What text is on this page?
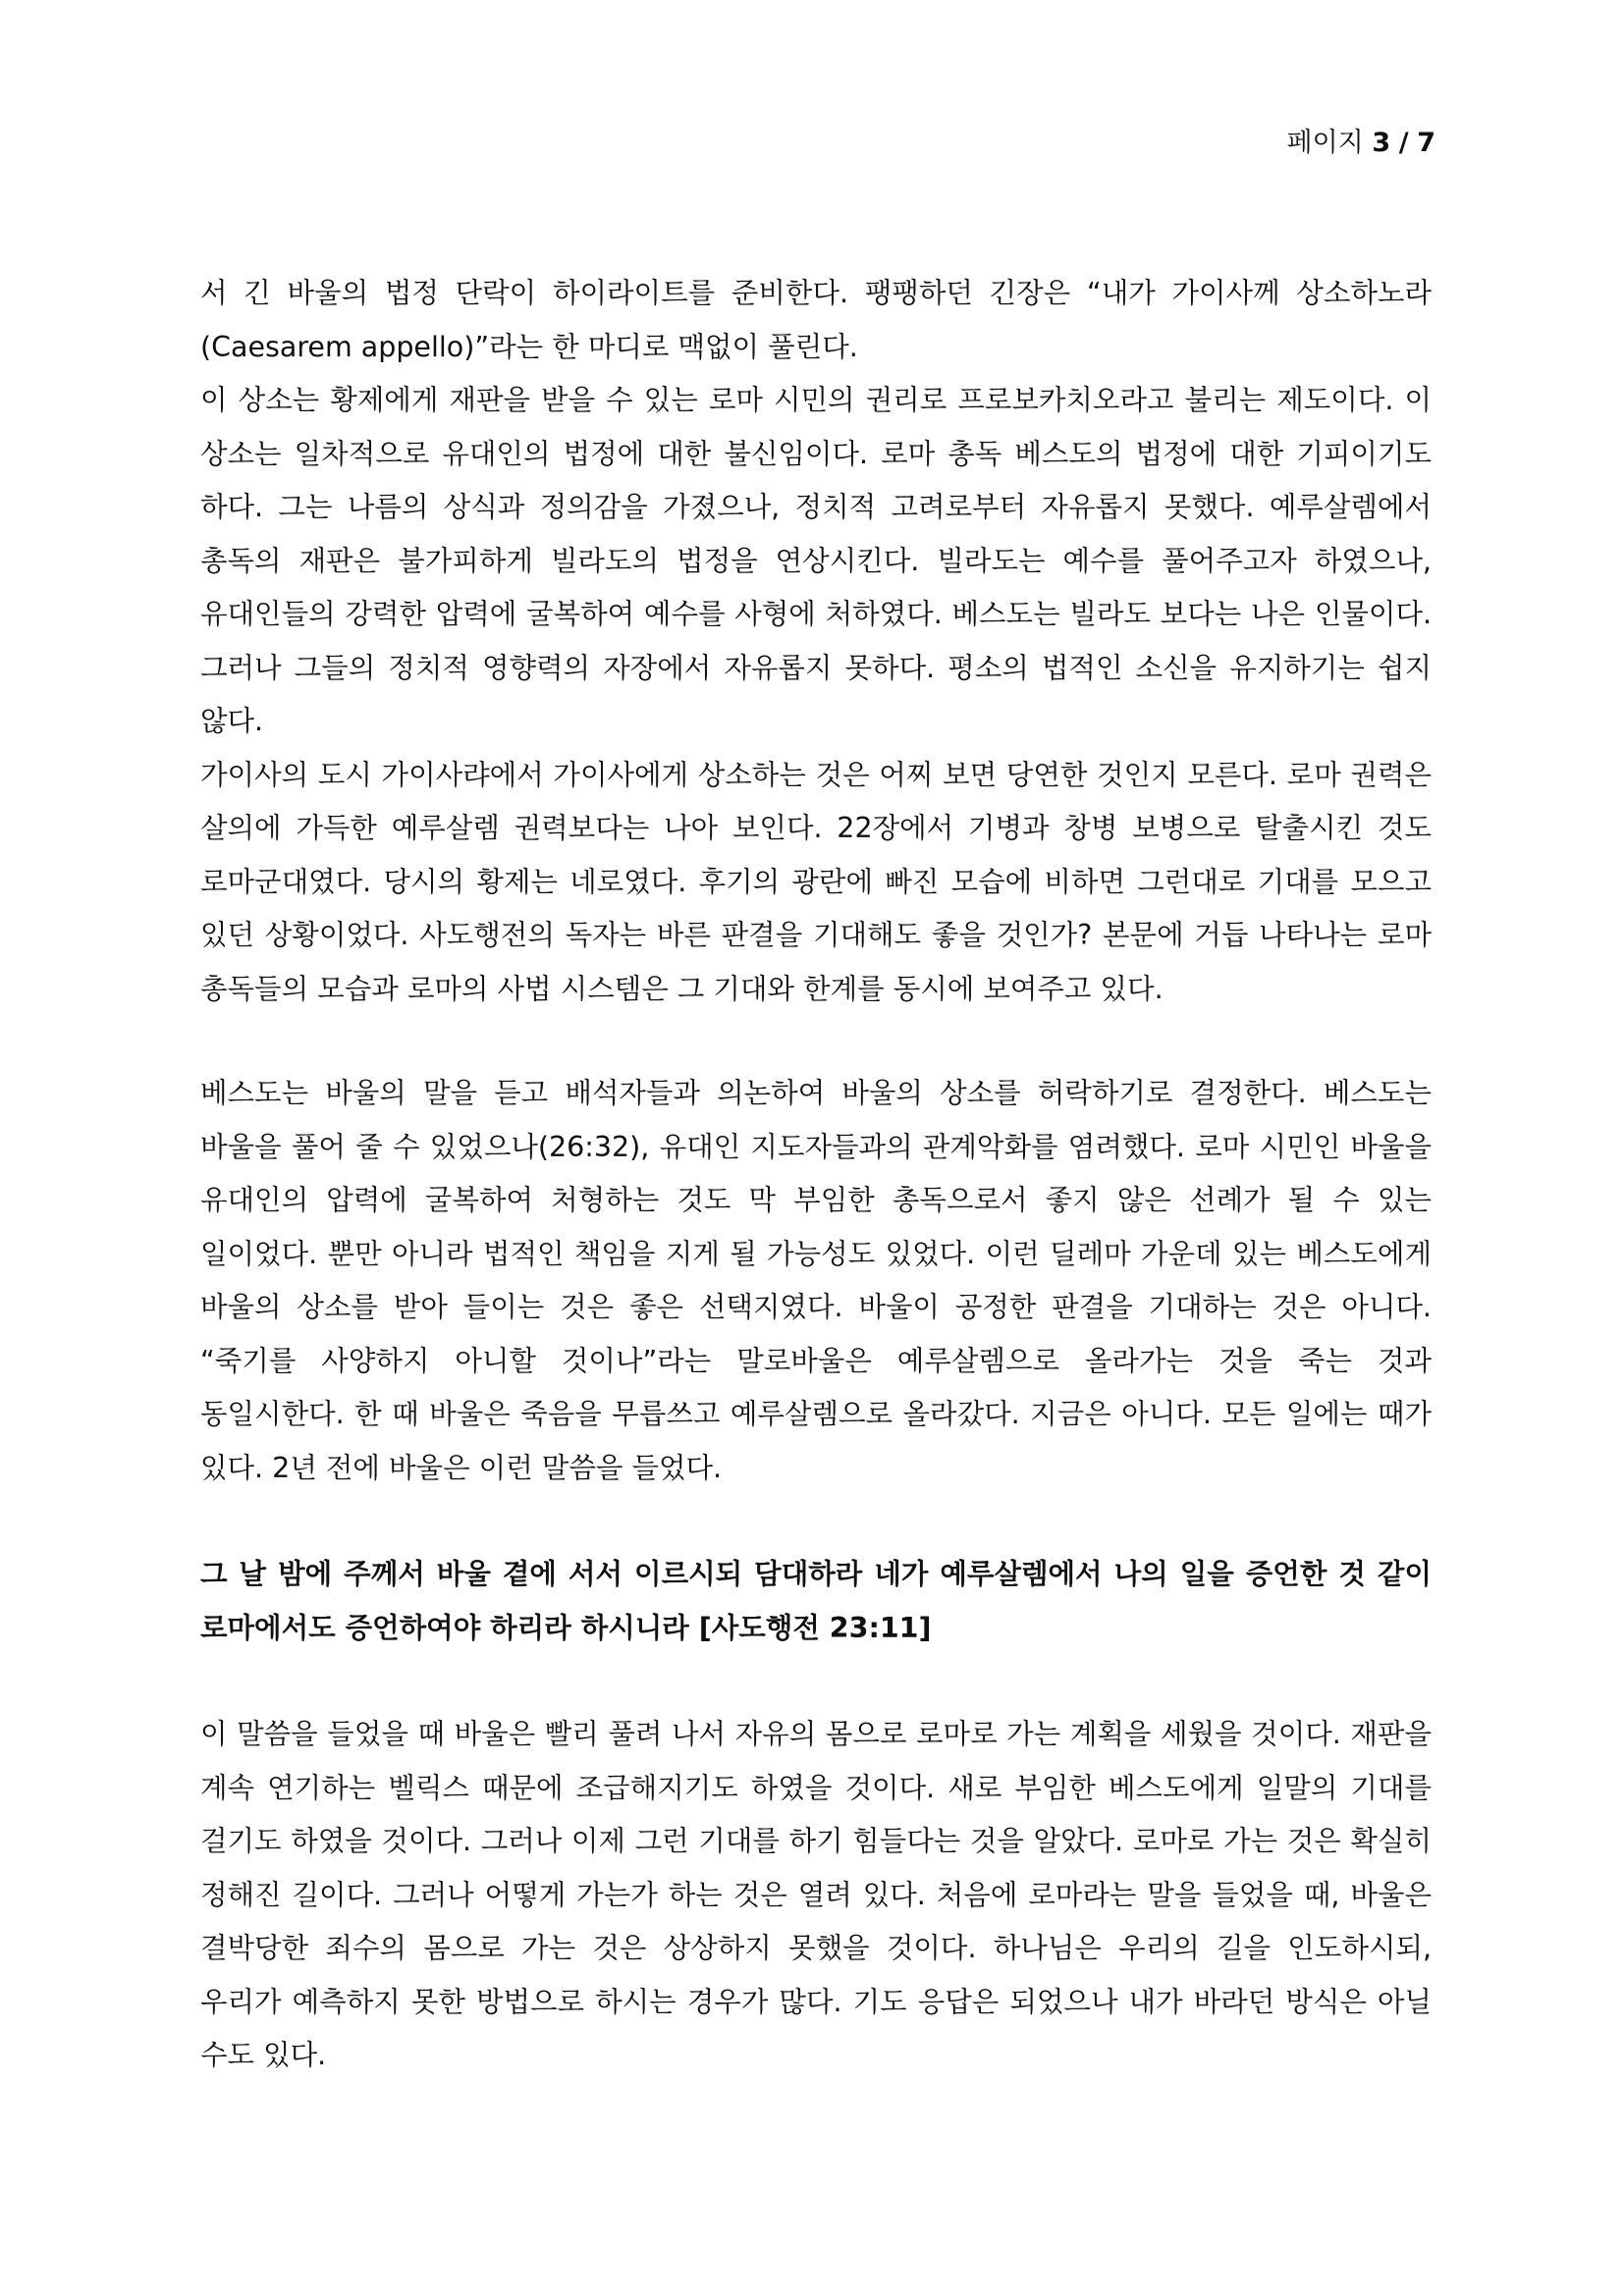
페이지 3 / 7

서 긴 바울의 법정 단락이 하이라이트를 준비한다. 팽팽하던 긴장은 “내가 가이사께 상소하노라(Caesarem appello)”라는 한 마디로 맥없이 풀린다.

이 상소는 황제에게 재판을 받을 수 있는 로마 시민의 권리로 프로보카치오라고 불리는 제도이다. 이 상소는 일차적으로 유대인의 법정에 대한 불신임이다. 로마 총독 베스도의 법정에 대한 기피이기도 하다. 그는 나름의 상식과 정의감을 가졌으나, 정치적 고려로부터 자유롭지 못했다. 예루살렘에서 총독의 재판은 불가피하게 빌라도의 법정을 연상시킨다. 빌라도는 예수를 풀어주고자 하였으나, 유대인들의 강력한 압력에 굴복하여 예수를 사형에 처하였다. 베스도는 빌라도 보다는 나은 인물이다. 그러나 그들의 정치적 영향력의 자장에서 자유롭지 못하다. 평소의 법적인 소신을 유지하기는 쉽지 않다.

가이사의 도시 가이사랴에서 가이사에게 상소하는 것은 어찌 보면 당연한 것인지 모른다. 로마 권력은 살의에 가득한 예루살렘 권력보다는 나아 보인다. 22장에서 기병과 창병 보병으로 탈출시킨 것도 로마군대였다. 당시의 황제는 네로였다. 후기의 광란에 빠진 모습에 비하면 그런대로 기대를 모으고 있던 상황이었다. 사도행전의 독자는 바른 판결을 기대해도 좋을 것인가? 본문에 거듭 나타나는 로마 총독들의 모습과 로마의 사법 시스템은 그 기대와 한계를 동시에 보여주고 있다.

베스도는 바울의 말을 듣고 배석자들과 의논하여 바울의 상소를 허락하기로 결정한다. 베스도는 바울을 풀어 줄 수 있었으나(26:32), 유대인 지도자들과의 관계악화를 염려했다. 로마 시민인 바울을 유대인의 압력에 굴복하여 처형하는 것도 막 부임한 총독으로서 좋지 않은 선례가 될 수 있는 일이었다. 뿐만 아니라 법적인 책임을 지게 될 가능성도 있었다. 이런 딜레마 가운데 있는 베스도에게 바울의 상소를 받아 들이는 것은 좋은 선택지였다. 바울이 공정한 판결을 기대하는 것은 아니다. “죽기를 사양하지 아니할 것이나”라는 말로바울은 예루살렘으로 올라가는 것을 죽는 것과 동일시한다. 한 때 바울은 죽음을 무릅쓰고 예루살렘으로 올라갔다. 지금은 아니다. 모든 일에는 때가 있다. 2년 전에 바울은 이런 말씀을 들었다.

그 날 밤에 주께서 바울 곁에 서서 이르시되 담대하라 네가 예루살렘에서 나의 일을 증언한 것 같이 로마에서도 증언하여야 하리라 하시니라 [사도행전 23:11]

이 말씀을 들었을 때 바울은 빨리 풀려 나서 자유의 몸으로 로마로 가는 계획을 세웠을 것이다. 재판을 계속 연기하는 벨릭스 때문에 조급해지기도 하였을 것이다. 새로 부임한 베스도에게 일말의 기대를 걸기도 하였을 것이다. 그러나 이제 그런 기대를 하기 힘들다는 것을 알았다. 로마로 가는 것은 확실히 정해진 길이다. 그러나 어떻게 가는가 하는 것은 열려 있다. 처음에 로마라는 말을 들었을 때, 바울은 결박당한 죄수의 몸으로 가는 것은 상상하지 못했을 것이다. 하나님은 우리의 길을 인도하시되, 우리가 예측하지 못한 방법으로 하시는 경우가 많다. 기도 응답은 되었으나 내가 바라던 방식은 아닐 수도 있다.
